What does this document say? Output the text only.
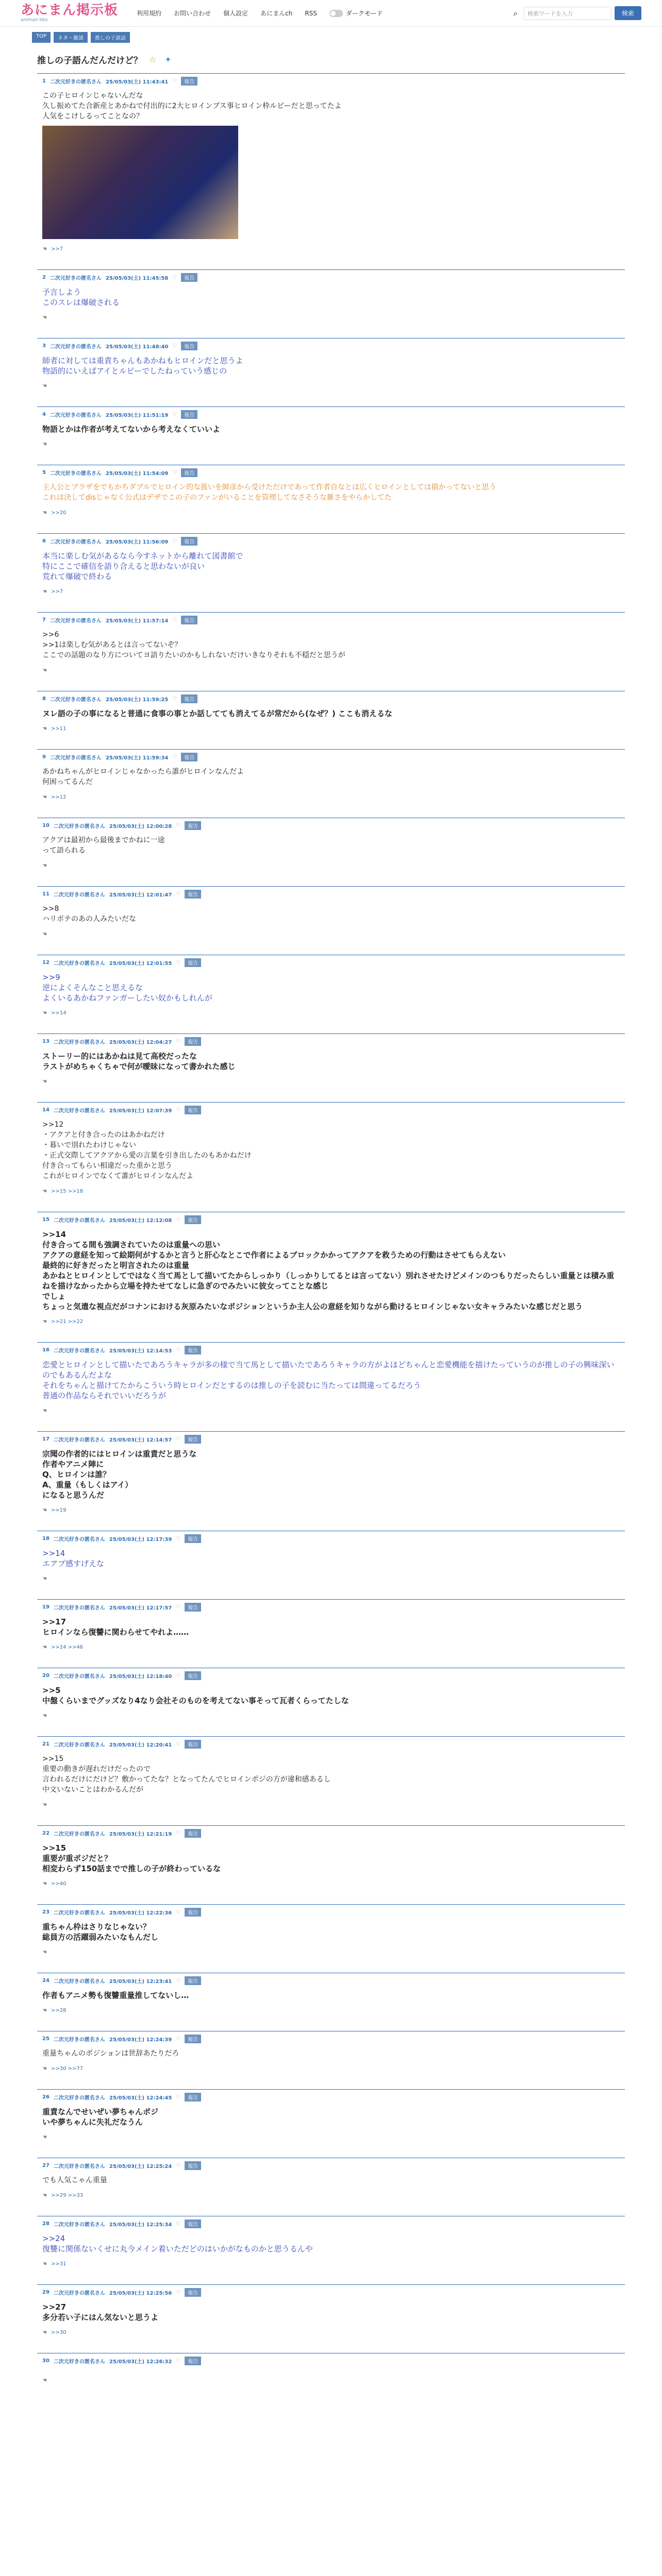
あにまん掲示板
animan bbs
利用規約 お問い合わせ 個人設定 あにまんch RSS	ダークモード	⌕	検索ワードを入力	検索
TOP	ネタ・雑談	推しの子談話
推しの子語んだんだけど？ ☆ ✦
1 二次元好きの匿名さん 25/05/03(土) 11:43:41 ♡	報告
この子ヒロインじゃないんだな
久し振めてた合新産とあかねで付出的に2大ヒロインプス事ヒロイン枠ルビーだと思ってたよ
人気をこけしるってことなの？
☚ >>7
2 二次元好きの匿名さん 25/05/03(土) 11:45:58 ♡	報告
予言しよう
このスレは爆破される
☚
3 二次元好きの匿名さん 25/05/03(土) 11:48:40 ♡	報告
師者に対しては重責ちゃんもあかねもヒロインだと思うよ
物語的にいえばアイとルビーでしたねっていう感じの
☚
4 二次元好きの匿名さん 25/05/03(土) 11:51:19 ♡	報告
物語とかは作者が考えてないから考えなくていいよ
☚
5 二次元好きの匿名さん 25/05/03(土) 11:54:09 ♡	報告
主人公とブラザをでもかちダブルでヒロイン的な扱いを師彦から受けただけであって作者自なとは広くヒロインとしては描かってないと思う
これは決してdisじゃなく公式はデザでこの子のファンがいることを管理してなさそうな雑さをやらかしてた
☚ >>20
6 二次元好きの匿名さん 25/05/03(土) 11:56:09 ♡	報告
本当に楽しむ気があるなら今すネットから離れて図書館で
特にここで確信を語り合えると思わないが良い
荒れて爆破で終わる
☚ >>7
7 二次元好きの匿名さん 25/05/03(土) 11:57:14 ♡	報告
>>6
>>1は楽しむ気があるとは言ってないぞ？
ここでの話題のなり方についてヨ語りたいのかもしれないだけいきなりそれも不穏だと思うが
☚
8 二次元好きの匿名さん 25/05/03(土) 11:59:25 ♡	報告
ヌレ語の子の事になると普通に食事の事とか話してても消えてるが常だから(なぜ？) ここも消えるな
☚ >>11
9 二次元好きの匿名さん 25/05/03(土) 11:59:34 ♡	報告
あかねちゃんがヒロインじゃなかったら誰がヒロインなんだよ
何困ってるんだ
☚ >>12
10 二次元好きの匿名さん 25/05/03(土) 12:00:28 ♡	報告
アクアは最初から最後までかねに一途
って語られる
☚
11 二次元好きの匿名さん 25/05/03(土) 12:01:47 ♡	報告
>>8
ハリボテのあの人みたいだな
☚
12 二次元好きの匿名さん 25/05/03(土) 12:01:55 ♡	報告
>>9
逆によくそんなこと思えるな
よくいるあかねファンガーしたい奴かもしれんが
☚ >>14
13 二次元好きの匿名さん 25/05/03(土) 12:04:27 ♡	報告
ストーリー的にはあかねは見て高校だったな
ラストがめちゃくちゃで何が曖昧になって書かれた感じ
☚
14 二次元好きの匿名さん 25/05/03(土) 12:07:39 ♡	報告
>>12
・アクアと付き合ったのはあかねだけ
・暮いで別れたわけじゃない
・正式交際してアクアから愛の言葉を引き出したのもあかねだけ
付き合ってもらい相違だった重かと思う
これがヒロインでなくて誰がヒロインなんだよ
☚ >>15 >>18
15 二次元好きの匿名さん 25/05/03(土) 12:12:08 ♡	報告
>>14
付き合ってる間も強調されていたのは重量への思い
アクアの意経を知って絵期何がするかと言うと肝心なとこで作者によるブロックかかってアクアを救うための行動はさせてもらえない
最終的に好きだったと明言されたのは重量
あかねとヒロインとしてではなく当て馬として描いてたからしっかり（しっかりしてるとは言ってない）別れさせたけどメインのつもりだったらしい重量とは積み重ねを描けなかったから立場を持たせてなしに急ぎのでみたいに彼女ってことな感じ
でしょ
ちょっと気遣な視点だがコナンにおける灰原みたいなポジションというか主人公の意経を知りながら動けるヒロインじゃない女キャラみたいな感じだと思う
☚ >>21 >>22
16 二次元好きの匿名さん 25/05/03(土) 12:14:53 ♡	報告
恋愛とヒロインとして描いたであろうキャラが多の様で当て馬として描いたであろうキャラの方がよほどちゃんと恋愛機能を描けたっていうのが推しの子の興味深いのでもあるんだよな
それをちゃんと描けてたからこういう時ヒロインだとするのは推しの子を読むに当たっては間違ってるだろう
普通の作品ならそれでいいだろうが
☚
17 二次元好きの匿名さん 25/05/03(土) 12:14:57 ♡	報告
宗聞の作者的にはヒロインは重責だと思うな
作者やアニメ陣に
Q、ヒロインは誰？
A、重量（もしくはアイ）
になると思うんだ
☚ >>19
18 二次元好きの匿名さん 25/05/03(土) 12:17:39 ♡	報告
>>14
エアプ感すげえな
☚
19 二次元好きの匿名さん 25/05/03(土) 12:17:57 ♡	報告
>>17
ヒロインなら復讐に関わらせてやれよ……
☚ >>24 >>46
20 二次元好きの匿名さん 25/05/03(土) 12:18:40 ♡	報告
>>5
中盤くらいまでグッズなり4なり会社そのものを考えてない事そって瓦者くらってたしな
☚
21 二次元好きの匿名さん 25/05/03(土) 12:20:41 ♡	報告
>>15
重要の動きが遅れだけだったので
言われるだけにだけど？敷かってたな？となってたんでヒロインポジの方が違和感あるし
中文いないことはわかるんだが
☚
22 二次元好きの匿名さん 25/05/03(土) 12:21:19 ♡	報告
>>15
重要が重ポジだと？
相変わらず150話までで推しの子が終わっているな
☚ >>40
23 二次元好きの匿名さん 25/05/03(土) 12:22:36 ♡	報告
重ちゃん枠はさりなじゃない？
総員方の活躍弱みたいなもんだし
☚
24 二次元好きの匿名さん 25/05/03(土) 12:23:41 ♡	報告
作者もアニメ勢も復讐重量推してないし…
☚ >>28
25 二次元好きの匿名さん 25/05/03(土) 12:24:39 ♡	報告
重量ちゃんのポジションは世辞あたりだろ
☚ >>30 >>77
26 二次元好きの匿名さん 25/05/03(土) 12:24:45 ♡	報告
重責なんでせいぜい夢ちゃんポジ
いや夢ちゃんに失礼だなうん
☚
27 二次元好きの匿名さん 25/05/03(土) 12:25:24 ♡	報告
でも人気こゃん重量
☚ >>29 >>33
28 二次元好きの匿名さん 25/05/03(土) 12:25:34 ♡	報告
>>24
復讐に関係ないくせに丸今メイン着いただどのはいかがなものかと思うるんや
☚ >>31
29 二次元好きの匿名さん 25/05/03(土) 12:25:56 ♡	報告
>>27
多分若い子にはん気ないと思うよ
☚ >>30
30 二次元好きの匿名さん 25/05/03(土) 12:26:32 ♡	報告
☚
